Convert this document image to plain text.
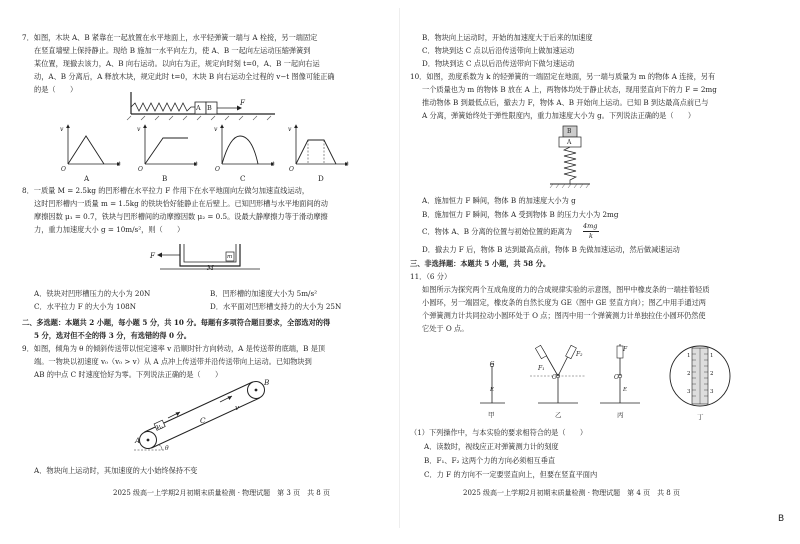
7．如图，木块 A、B 紧靠在一起放置在水平地面上，水平轻弹簧一端与 A 栓接，另一端固定
在竖直墙壁上保持静止。现给 B 施加一水平向左力，使 A、B 一起向左运动压缩弹簧到
某位置，现撤去该力，A、B 向右运动。以向右为正，规定向时刻 t=0，A、B 一起向右运
动，A、B 分离后，A 释放木块，规定此时 t=0，木块 B 向右运动全过程的 v−t 图像可能正确
的是（　　）
A B
F
v	v	v	v
t	t	t	t
O	O	O	O
A	B	C	D
8．一质量 M = 2.5kg 的凹形槽在水平拉力 F 作用下在水平地面向左做匀加速直线运动，
这时凹形槽内一质量 m = 1.5kg 的铁块恰好能静止在后壁上。已知凹形槽与水平地面间的动
摩擦因数 μ₁ = 0.7，铁块与凹形槽间的动摩擦因数 μ₂ = 0.5。设最大静摩擦力等于滑动摩擦
力，重力加速度大小 g = 10m/s²，则（　　）
F	m
M
A．铁块对凹形槽压力的大小为 20N	B．凹形槽的加速度大小为 5m/s²
C．水平拉力 F 的大小为 108N	D．水平面对凹形槽支持力的大小为 25N
二、多选题：本题共 2 小题，每小题 5 分，共 10 分。每题有多项符合题目要求，全部选对的得
5 分，选对但不全的得 3 分，有选错的得 0 分。
9．如图，倾角为 θ 的倾斜传送带以恒定速率 v 沿顺时针方向转动，A 是传送带的底端，B 是顶
端。一物块以初速度 v₀（v₀ > v）从 A 点冲上传送带并沿传送带向上运动。已知物块到
AB 的中点 C 时速度恰好为零。下列说法正确的是（　　）
A
B
C
v
v₀
θ
A．物块向上运动时，其加速度的大小始终保持不变
2025 级高一上学期2月初期末质量检测 · 物理试题　第 3 页　共 8 页
B．物块向上运动时，开始的加速度大于后来的加速度
C．物块到达 C 点以后沿传送带向上做加速运动
D．物块到达 C 点以后沿传送带向下做匀速运动
10．如图，劲度系数为 k 的轻弹簧的一端固定在地面，另一端与质量为 m 的物体 A 连接，另有
一个质量也为 m 的物体 B 放在 A 上，两物体均处于静止状态，现用竖直向下的力 F = 2mg
推动物体 B 到最低点后，撤去力 F，物体 A、B 开始向上运动。已知 B 到达最高点前已与
A 分离，弹簧始终处于弹性限度内，重力加速度大小为 g。下列说法正确的是（　　）
B
A
A．施加恒力 F 瞬间，物体 B 的加速度大小为 g
B．施加恒力 F 瞬间，物体 A 受到物体 B 的压力大小为 2mg
C．物体 A、B 分离的位置与初始位置的距离为
4mg
k
D．撤去力 F 后，物体 B 达到最高点前，物体 B 先做加速运动，然后做减速运动
三、非选择题：本题共 5 小题，共 58 分。
11．（6 分）
如图所示为探究两个互成角度的力的合成规律实验的示意图，图甲中橡皮条的一端挂着轻质
小圆环，另一端固定，橡皮条的自然长度为 GE（图中 GE 竖直方向）；图乙中用手通过两
个弹簧测力计共同拉动小圆环处于 O 点；图丙中用一个弹簧测力计单独拉住小圆环仍然使
它处于 O 点。
G
E
F₁
F₂
O	O
F
E
1
2
3
1
2
3
甲	乙	丙	丁
（1）下列操作中，与本实验的要求相符合的是（　　）
A．读数时，视线应正对弹簧测力计的刻度
B．F₁、F₂ 这两个力的方向必须相互垂直
C．力 F 的方向不一定要竖直向上，但要在竖直平面内
2025 级高一上学期2月初期末质量检测 · 物理试题　第 4 页　共 8 页
B
